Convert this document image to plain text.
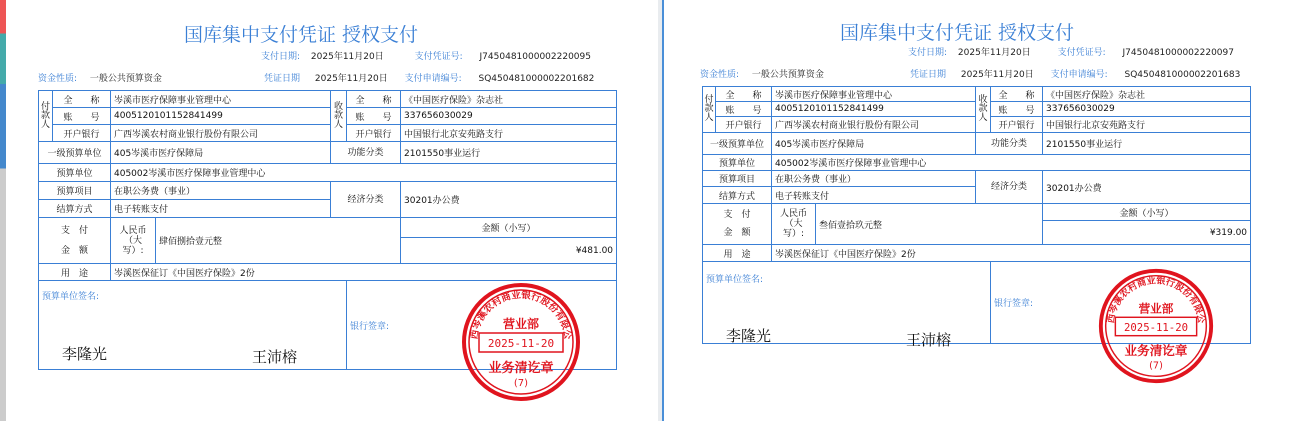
国库集中支付凭证 授权支付
支付日期: 2025年11月20日	支付凭证号: J7450481000002220095
资金性质: 一般公共预算资金	凭证日期 2025年11月20日 支付申请编号: SQ450481000002201682
付款人	全　　称	岑溪市医疗保障事业管理中心		收款人	全　　称	《中国医疗保险》杂志社
	账　　号	4005120101152841499			账　　号	337656030029
	开户银行	广西岑溪农村商业银行股份有限公司			开户银行	中国银行北京安苑路支行
一级预算单位		405岑溪市医疗保障局		功能分类		2101550事业运行
预算单位		405002岑溪市医疗保障事业管理中心				
预算项目		在职公务费（事业）		经济分类		30201办公费
结算方式		电子转账支付				

支　付
金　额		人民币（大写）:	肆佰捌拾壹元整			金额（小写）
						¥481.00
用　途		岑溪医保征订《中国医疗保险》2份				
预算单位签名:					银行签章:	
李隆光	王沛榕
西岑溪农村商业银行股份有限公
营业部
2025-11-20
业务清讫章
(7)
国库集中支付凭证 授权支付
支付日期: 2025年11月20日	支付凭证号: J7450481000002220097
资金性质: 一般公共预算资金	凭证日期 2025年11月20日 支付申请编号: SQ450481000002201683
付款人	全　　称	岑溪市医疗保障事业管理中心		收款人	全　　称	《中国医疗保险》杂志社
	账　　号	4005120101152841499			账　　号	337656030029
	开户银行	广西岑溪农村商业银行股份有限公司			开户银行	中国银行北京安苑路支行
一级预算单位		405岑溪市医疗保障局		功能分类		2101550事业运行
预算单位		405002岑溪市医疗保障事业管理中心				
预算项目		在职公务费（事业）		经济分类		30201办公费
结算方式		电子转账支付				

支　付
金　额		人民币（大写）:	叁佰壹拾玖元整			金额（小写）
						¥319.00
用　途		岑溪医保征订《中国医疗保险》2份				
预算单位签名:					银行签章:	
李隆光	王沛榕
西岑溪农村商业银行股份有限公
营业部
2025-11-20
业务清讫章
(7)
